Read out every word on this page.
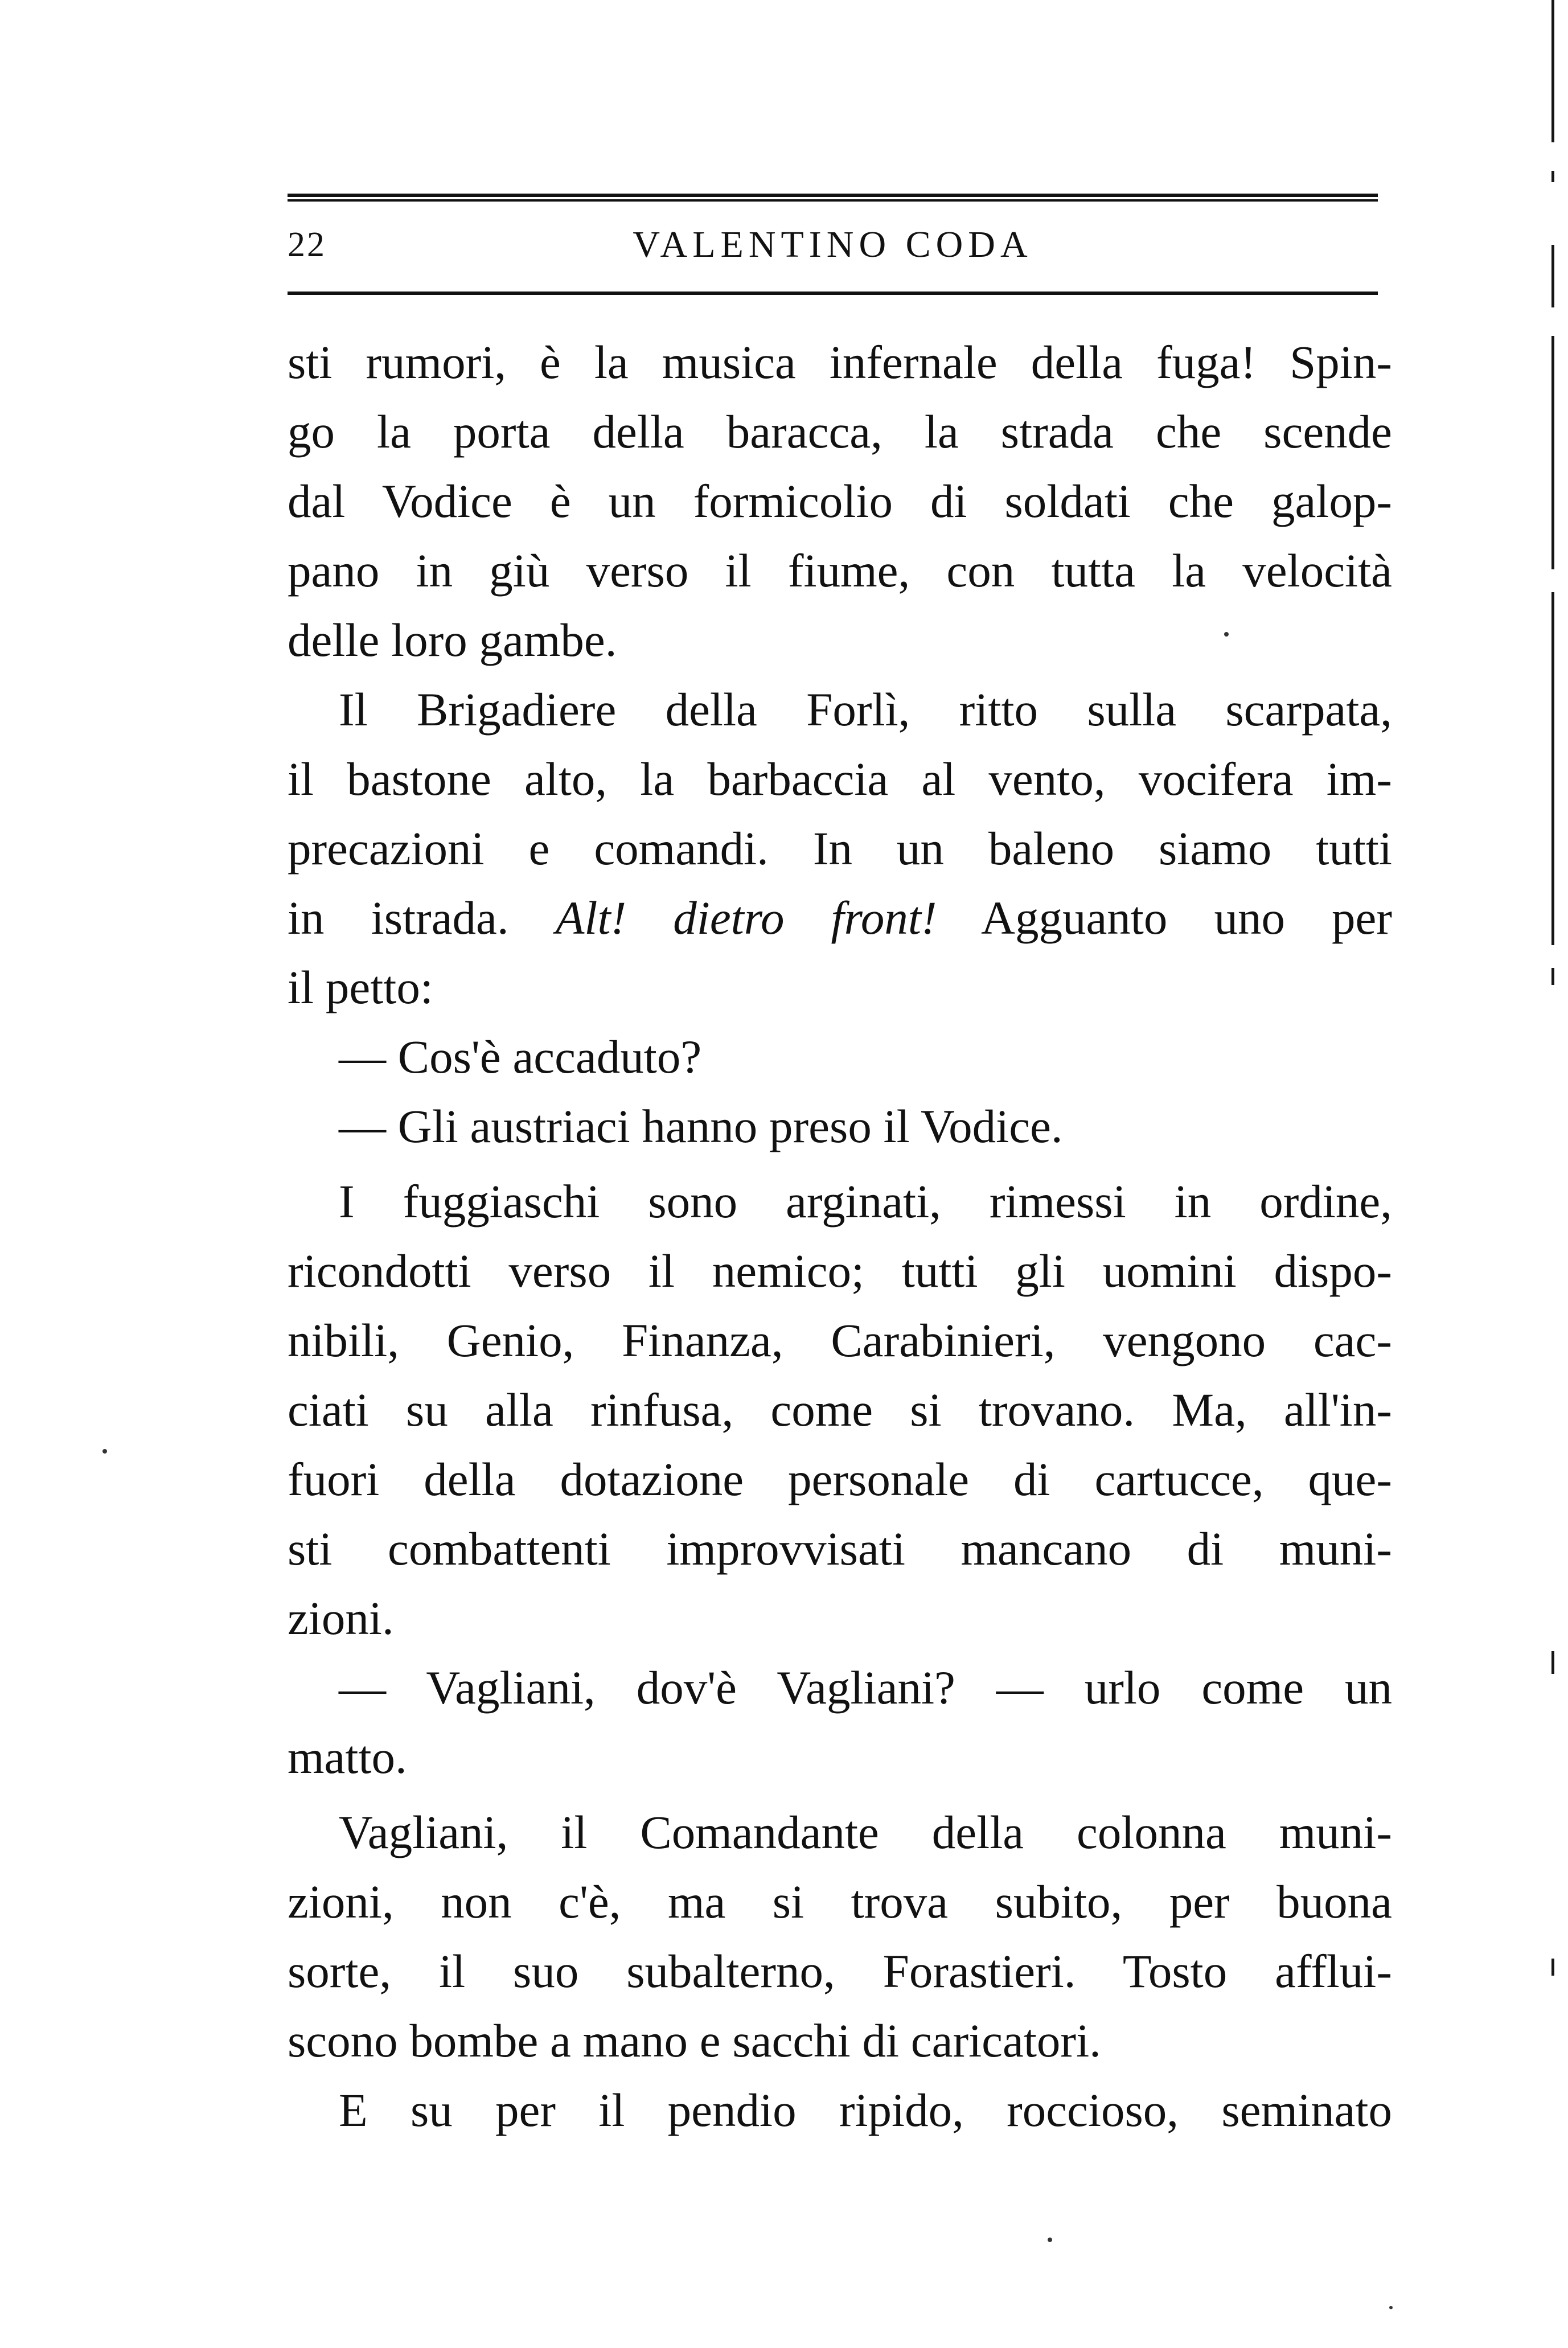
22	VALENTINO CODA
sti rumori, è la musica infernale della fuga! Spin-
go la porta della baracca, la strada che scende
dal Vodice è un formicolio di soldati che galop-
pano in giù verso il fiume, con tutta la velocità
delle loro gambe.
Il Brigadiere della Forlì, ritto sulla scarpata,
il bastone alto, la barbaccia al vento, vocifera im-
precazioni e comandi. In un baleno siamo tutti
in istrada. Alt! dietro front! Agguanto uno per
il petto:
— Cos'è accaduto?
— Gli austriaci hanno preso il Vodice.
I fuggiaschi sono arginati, rimessi in ordine,
ricondotti verso il nemico; tutti gli uomini dispo-
nibili, Genio, Finanza, Carabinieri, vengono cac-
ciati su alla rinfusa, come si trovano. Ma, all'in-
fuori della dotazione personale di cartucce, que-
sti combattenti improvvisati mancano di muni-
zioni.
— Vagliani, dov'è Vagliani? — urlo come un
matto.
Vagliani, il Comandante della colonna muni-
zioni, non c'è, ma si trova subito, per buona
sorte, il suo subalterno, Forastieri. Tosto afflui-
scono bombe a mano e sacchi di caricatori.
E su per il pendio ripido, roccioso, seminato
